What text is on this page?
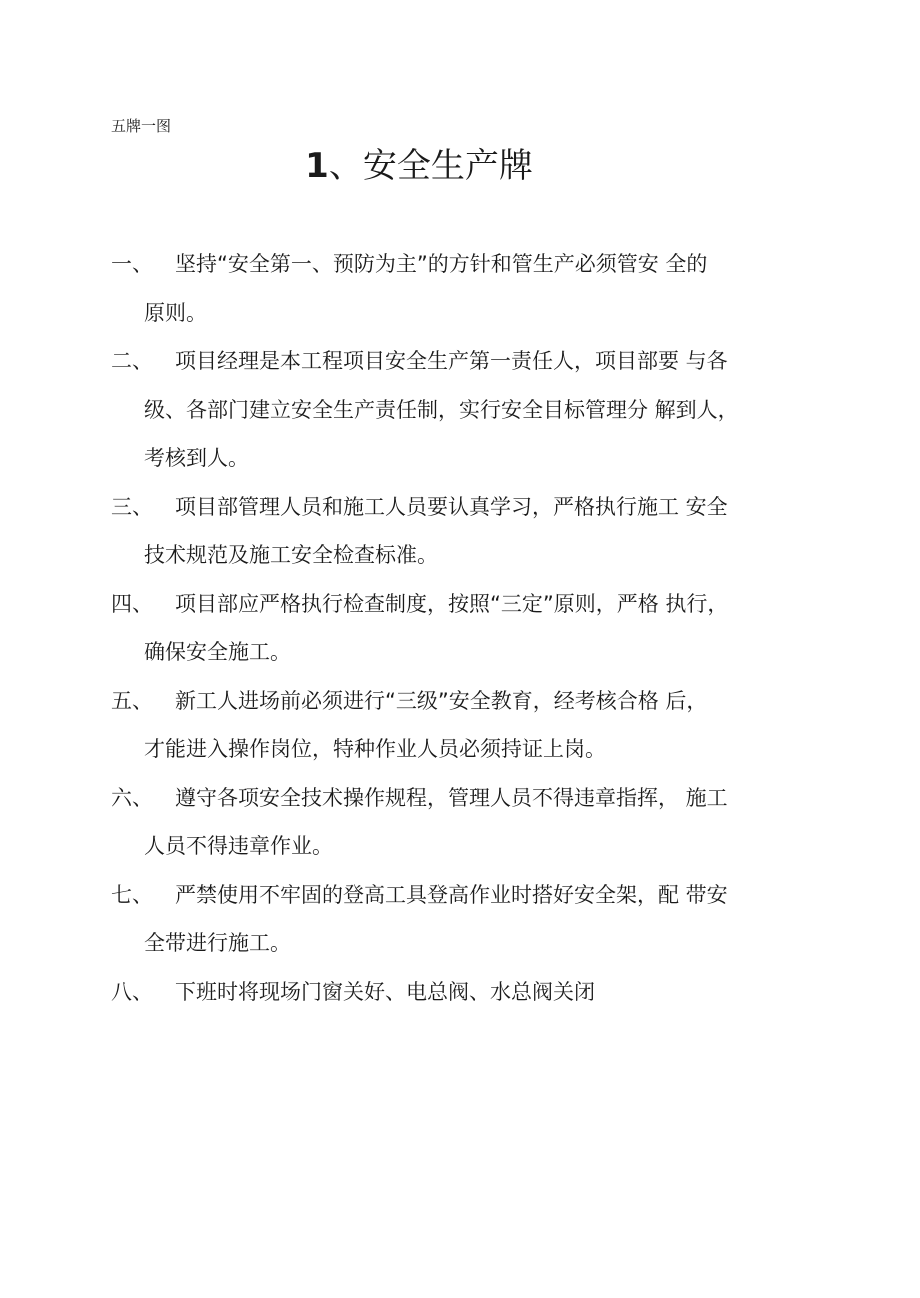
五牌一图
1、安全生产牌
一、	坚持“安全第一、预防为主”的方针和管生产必须管安 全的
原则。
二、	项目经理是本工程项目安全生产第一责任人，项目部要 与各
级、各部门建立安全生产责任制，实行安全目标管理分 解到人，
考核到人。
三、	项目部管理人员和施工人员要认真学习，严格执行施工 安全
技术规范及施工安全检查标准。
四、	项目部应严格执行检查制度，按照“三定”原则，严格 执行，
确保安全施工。
五、	新工人进场前必须进行“三级”安全教育，经考核合格 后，
才能进入操作岗位，特种作业人员必须持证上岗。
六、	遵守各项安全技术操作规程，管理人员不得违章指挥， 施工
人员不得违章作业。
七、	严禁使用不牢固的登高工具登高作业时搭好安全架，配 带安
全带进行施工。
八、	下班时将现场门窗关好、电总阀、水总阀关闭
